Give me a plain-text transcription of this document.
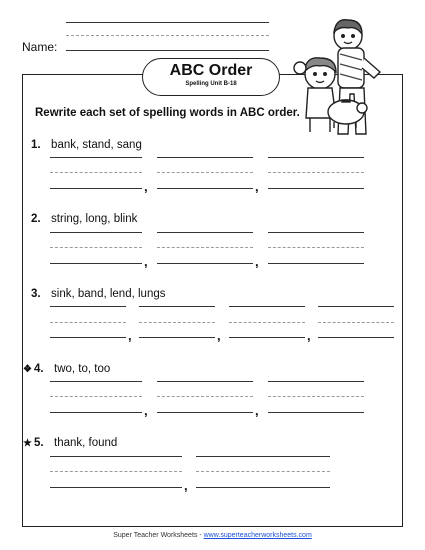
Name:
ABC Order
Spelling Unit B-18
Rewrite each set of spelling words in ABC order.
1. bank, stand, sang
,	,
2. string, long, blink
,	,
3. sink, band, lend, lungs
,	,	,
❖ 4. two, to, too
,	,
★ 5. thank, found
,
Super Teacher Worksheets - www.superteacherworksheets.com
